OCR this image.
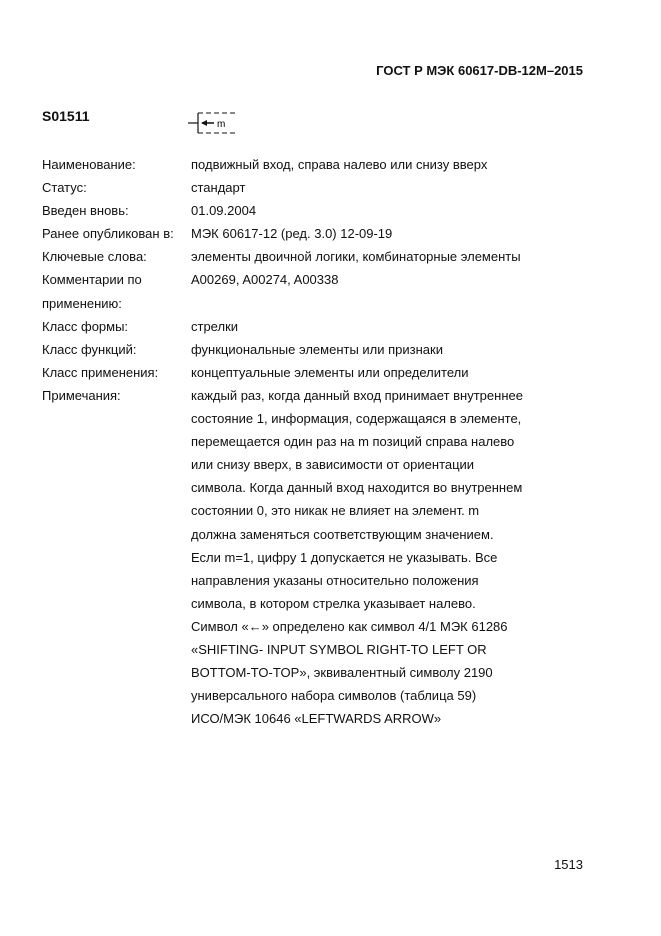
ГОСТ Р МЭК 60617-DB-12M–2015
S01511
m
Наименование:	подвижный вход, справа налево или снизу вверх
Статус:	стандарт
Введен вновь:	01.09.2004
Ранее опубликован в:	МЭК 60617-12 (ред. 3.0) 12-09-19
Ключевые слова:	элементы двоичной логики, комбинаторные элементы
Комментарии по применению:
A00269, A00274, A00338

Класс формы:	стрелки
Класс функций:	функциональные элементы или признаки
Класс применения:	концептуальные элементы или определители
Примечания:	каждый раз, когда данный вход принимает внутреннее
состояние 1, информация, содержащаяся в элементе,
перемещается один раз на m позиций справа налево
или снизу вверх, в зависимости от ориентации
символа. Когда данный вход находится во внутреннем
состоянии 0, это никак не влияет на элемент. m
должна заменяться соответствующим значением.
Если m=1, цифру 1 допускается не указывать. Все
направления указаны относительно положения
символа, в котором стрелка указывает налево.
Символ «←» определено как символ 4/1 МЭК 61286
«SHIFTING- INPUT SYMBOL RIGHT-TO LEFT OR
BOTTOM-TO-TOP», эквивалентный символу 2190
универсального набора символов (таблица 59)
ИСО/МЭК 10646 «LEFTWARDS ARROW»
1513
